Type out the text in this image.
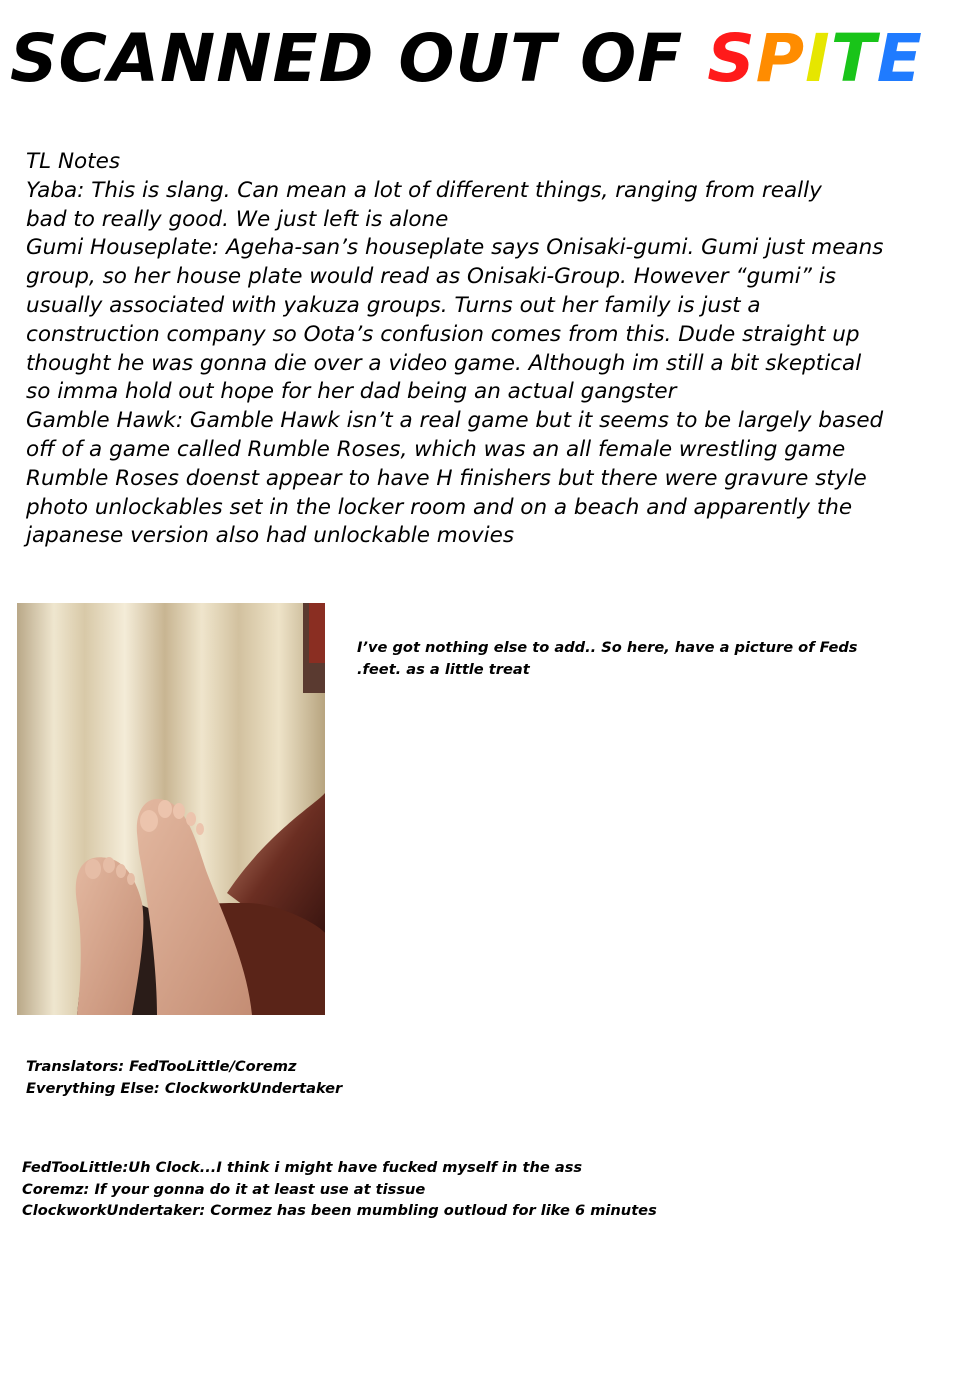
SCANNED OUT OF SPITE
TL Notes
Yaba: This is slang. Can mean a lot of different things, ranging from really
bad to really good. We just left is alone
Gumi Houseplate: Ageha-san’s houseplate says Onisaki-gumi. Gumi just means
group, so her house plate would read as Onisaki-Group. However “gumi” is
usually associated with yakuza groups. Turns out her family is just a
construction company so Oota’s confusion comes from this. Dude straight up
thought he was gonna die over a video game. Although im still a bit skeptical
so imma hold out hope for her dad being an actual gangster
Gamble Hawk: Gamble Hawk isn’t a real game but it seems to be largely based
off of a game called Rumble Roses, which was an all female wrestling game
Rumble Roses doenst appear to have H finishers but there were gravure style
photo unlockables set in the locker room and on a beach and apparently the
japanese version also had unlockable movies
I’ve got nothing else to add.. So here, have a picture of Feds
.feet. as a little treat
Translators: FedTooLittle/Coremz
Everything Else: ClockworkUndertaker
FedTooLittle:Uh Clock...I think i might have fucked myself in the ass
Coremz: If your gonna do it at least use at tissue
ClockworkUndertaker: Cormez has been mumbling outloud for like 6 minutes
